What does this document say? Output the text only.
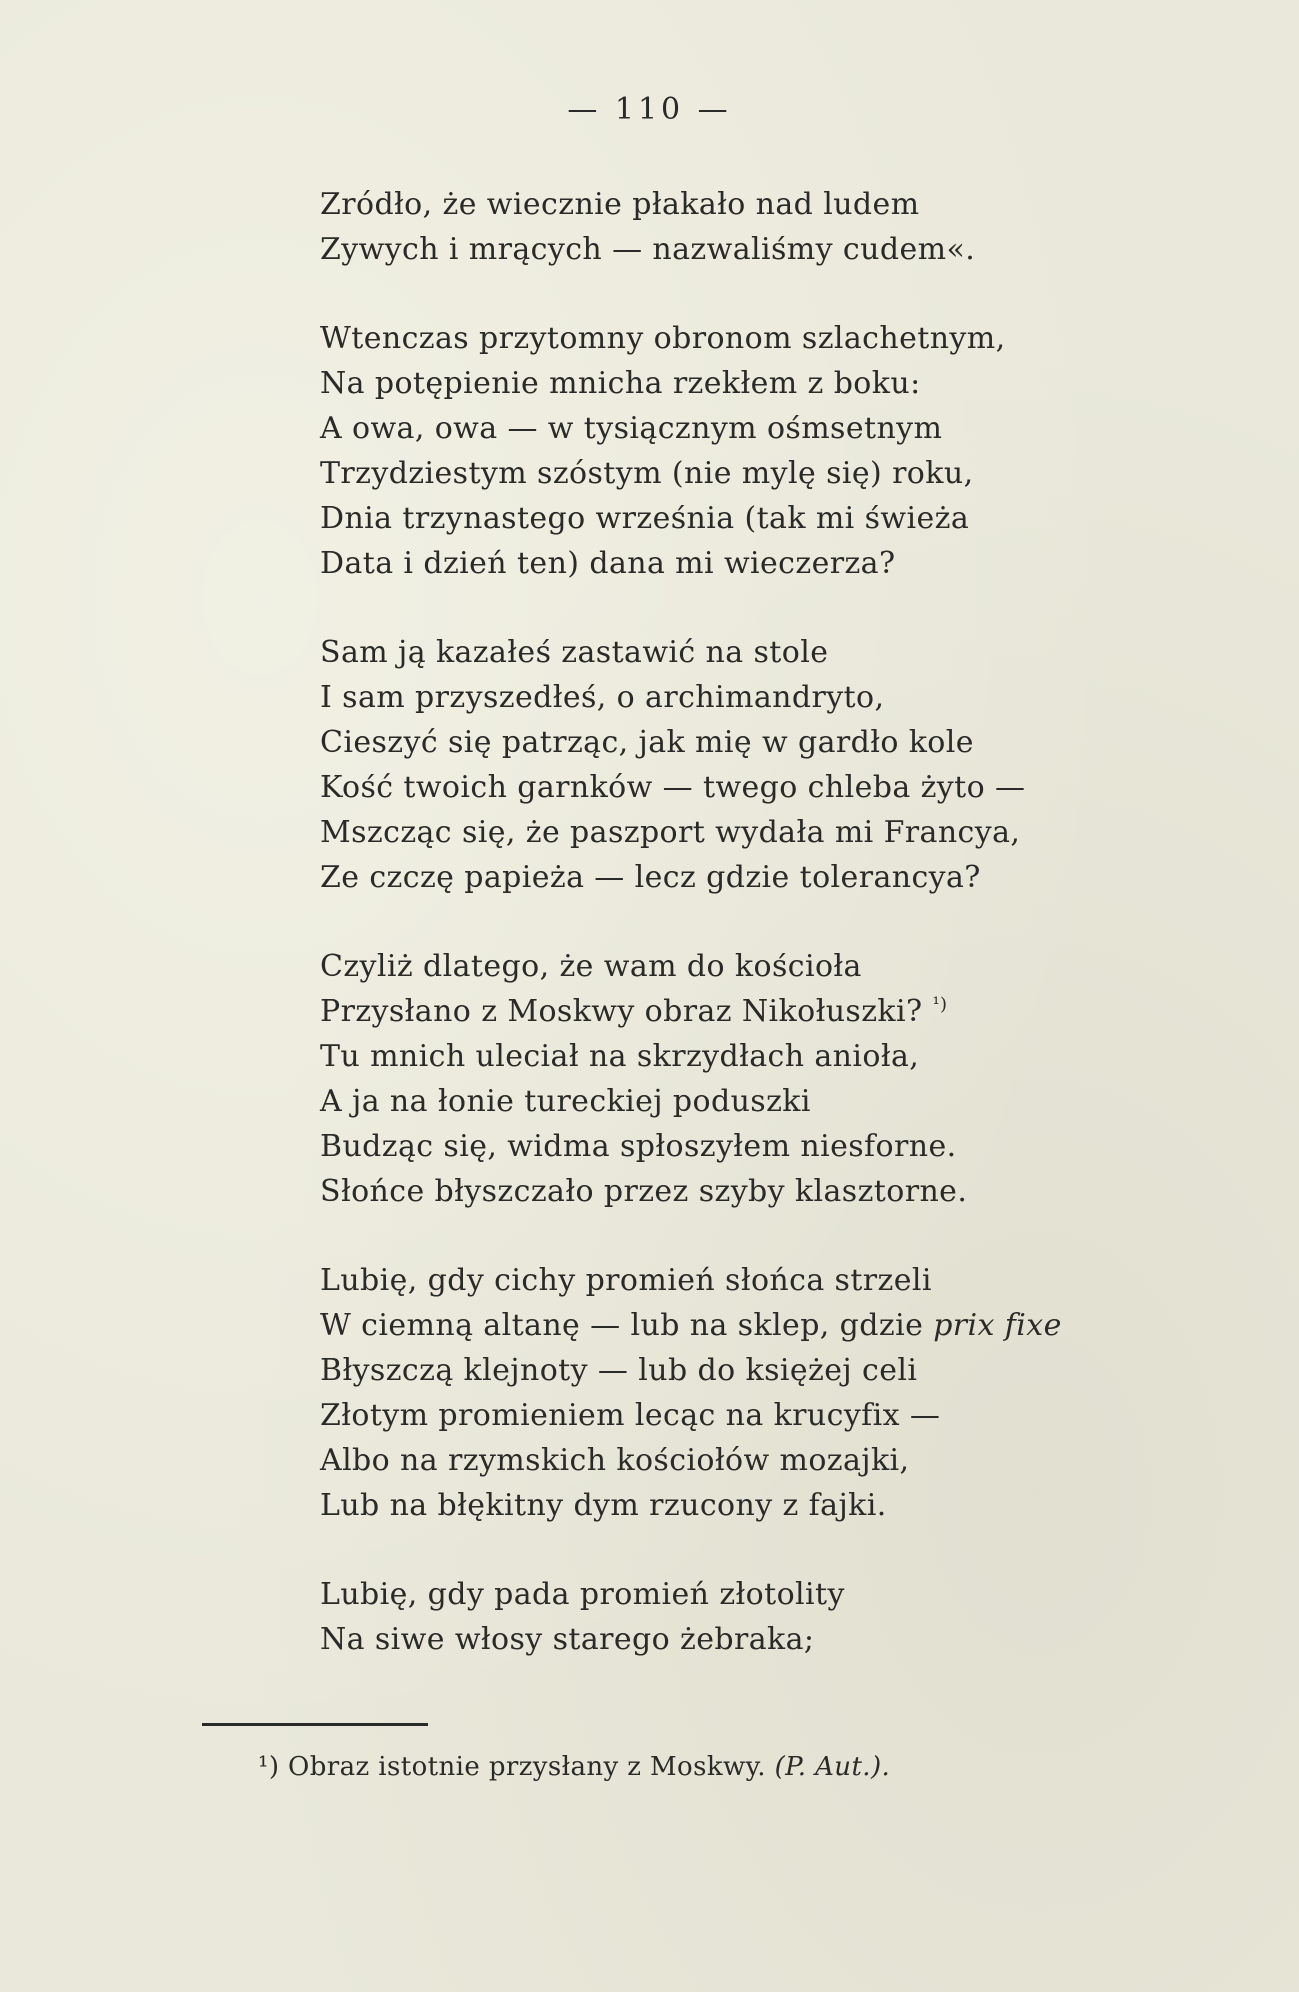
— 110 —
Zródło, że wiecznie płakało nad ludem
Zywych i mrących — nazwaliśmy cudem«.
Wtenczas przytomny obronom szlachetnym,
Na potępienie mnicha rzekłem z boku:
A owa, owa — w tysiącznym ośmsetnym
Trzydziestym szóstym (nie mylę się) roku,
Dnia trzynastego września (tak mi świeża
Data i dzień ten) dana mi wieczerza?
Sam ją kazałeś zastawić na stole
I sam przyszedłeś, o archimandryto,
Cieszyć się patrząc, jak mię w gardło kole
Kość twoich garnków — twego chleba żyto —
Mszcząc się, że paszport wydała mi Francya,
Ze czczę papieża — lecz gdzie tolerancya?
Czyliż dlatego, że wam do kościoła
Przysłano z Moskwy obraz Nikołuszki? $^{^1)}$
Tu mnich uleciał na skrzydłach anioła,
A ja na łonie tureckiej poduszki
Budząc się, widma spłoszyłem niesforne.
Słońce błyszczało przez szyby klasztorne.
Lubię, gdy cichy promień słońca strzeli
W ciemną altanę — lub na sklep, gdzie prix fixe
Błyszczą klejnoty — lub do księżej celi
Złotym promieniem lecąc na krucyfix —
Albo na rzymskich kościołów mozajki,
Lub na błękitny dym rzucony z fajki.
Lubię, gdy pada promień złotolity
Na siwe włosy starego żebraka;
¹) Obraz istotnie przysłany z Moskwy. (P. Aut.).
